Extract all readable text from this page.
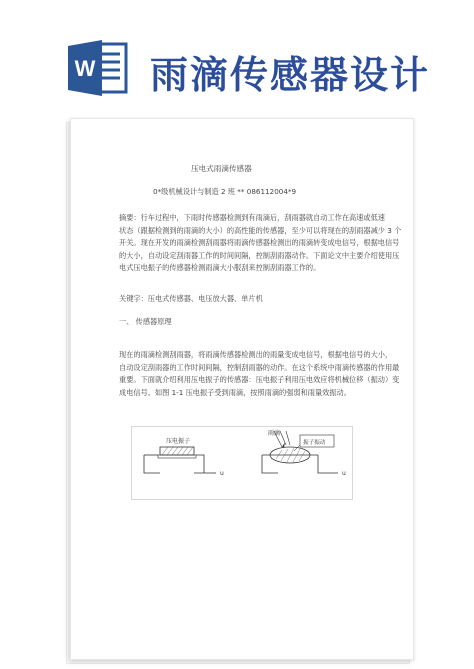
W 雨滴传感器设计
压电式雨滴传感器
0*级机械设计与制造 2 班 ** 086112004*9

摘要：行车过程中，下雨时传感器检测到有雨滴后，刮雨器就自动工作在高速或低速

状态（跟据检测到的雨滴的大小）的高性能的传感器，至少可以将现在的刮雨器减少 3 个

开关。现在开发的雨滴检测刮雨器将雨滴传感器检测出的雨滴转变成电信号，根据电信号

的大小，自动设定刮雨器工作的时间间隔，控制刮雨器动作。下面论文中主要介绍使用压

电式压电振子的传感器检测雨滴大小服刮来控制刮雨器工作的。

关键字：压电式传感器、电压放大器、单片机
一、 传感器原理

现在的雨滴检测刮雨器，将雨滴传感器检测出的雨量变成电信号，根据电信号的大小，

自动设定刮雨器的工作时间间隔，控制刮雨器的动作。在这个系统中雨滴传感器的作用最

重要。下面就介绍利用压电振子的传感器：压电振子利用压电效应将机械位移（振动）变

成电信号。如图 1-1 压电振子受到雨滴，按照雨滴的强弱和雨量效振动。

压电振子
u
雨滴
振子振动
u
